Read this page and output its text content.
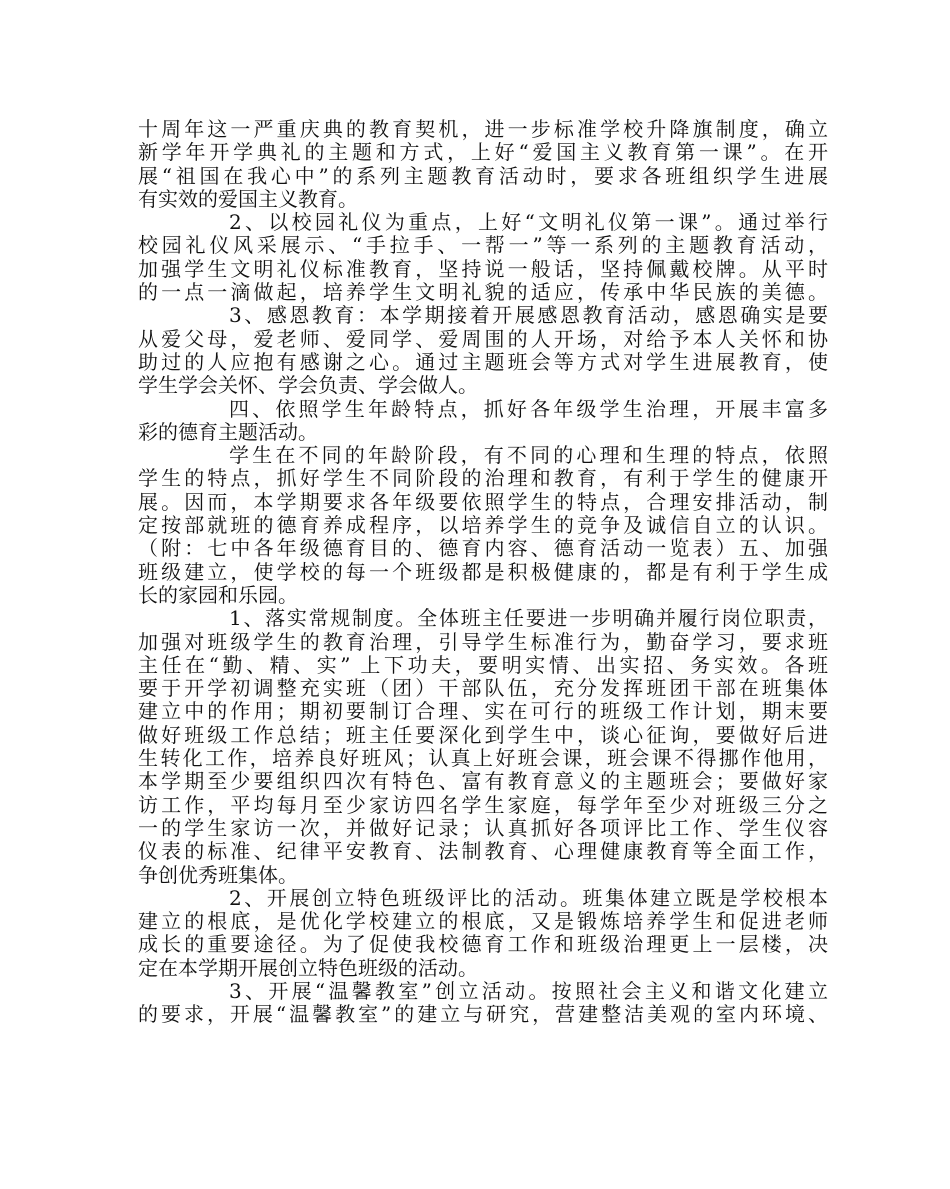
十周年这一严重庆典的教育契机，进一步标准学校升降旗制度，确立
新学年开学典礼的主题和方式，上好“爱国主义教育第一课”。在开
展“祖国在我心中”的系列主题教育活动时，要求各班组织学生进展
有实效的爱国主义教育。
2、以校园礼仪为重点，上好“文明礼仪第一课”。通过举行
校园礼仪风采展示、“手拉手、一帮一”等一系列的主题教育活动，
加强学生文明礼仪标准教育，坚持说一般话，坚持佩戴校牌。从平时
的一点一滴做起，培养学生文明礼貌的适应，传承中华民族的美德。
3、感恩教育：本学期接着开展感恩教育活动，感恩确实是要
从爱父母，爱老师、爱同学、爱周围的人开场，对给予本人关怀和协
助过的人应抱有感谢之心。通过主题班会等方式对学生进展教育，使
学生学会关怀、学会负责、学会做人。
四、依照学生年龄特点，抓好各年级学生治理，开展丰富多
彩的德育主题活动。
学生在不同的年龄阶段，有不同的心理和生理的特点，依照
学生的特点，抓好学生不同阶段的治理和教育，有利于学生的健康开
展。因而，本学期要求各年级要依照学生的特点，合理安排活动，制
定按部就班的德育养成程序，以培养学生的竞争及诚信自立的认识。
（附：七中各年级德育目的、德育内容、德育活动一览表）五、加强
班级建立，使学校的每一个班级都是积极健康的，都是有利于学生成
长的家园和乐园。
1、落实常规制度。全体班主任要进一步明确并履行岗位职责，
加强对班级学生的教育治理，引导学生标准行为，勤奋学习，要求班
主任在“勤、精、实” 上下功夫，要明实情、出实招、务实效。各班
要于开学初调整充实班（团）干部队伍，充分发挥班团干部在班集体
建立中的作用；期初要制订合理、实在可行的班级工作计划，期末要
做好班级工作总结；班主任要深化到学生中，谈心征询，要做好后进
生转化工作，培养良好班风；认真上好班会课，班会课不得挪作他用，
本学期至少要组织四次有特色、富有教育意义的主题班会；要做好家
访工作，平均每月至少家访四名学生家庭，每学年至少对班级三分之
一的学生家访一次，并做好记录；认真抓好各项评比工作、学生仪容
仪表的标准、纪律平安教育、法制教育、心理健康教育等全面工作，
争创优秀班集体。
2、开展创立特色班级评比的活动。班集体建立既是学校根本
建立的根底，是优化学校建立的根底，又是锻炼培养学生和促进老师
成长的重要途径。为了促使我校德育工作和班级治理更上一层楼，决
定在本学期开展创立特色班级的活动。
3、开展“温馨教室”创立活动。按照社会主义和谐文化建立
的要求，开展“温馨教室”的建立与研究，营建整洁美观的室内环境、
